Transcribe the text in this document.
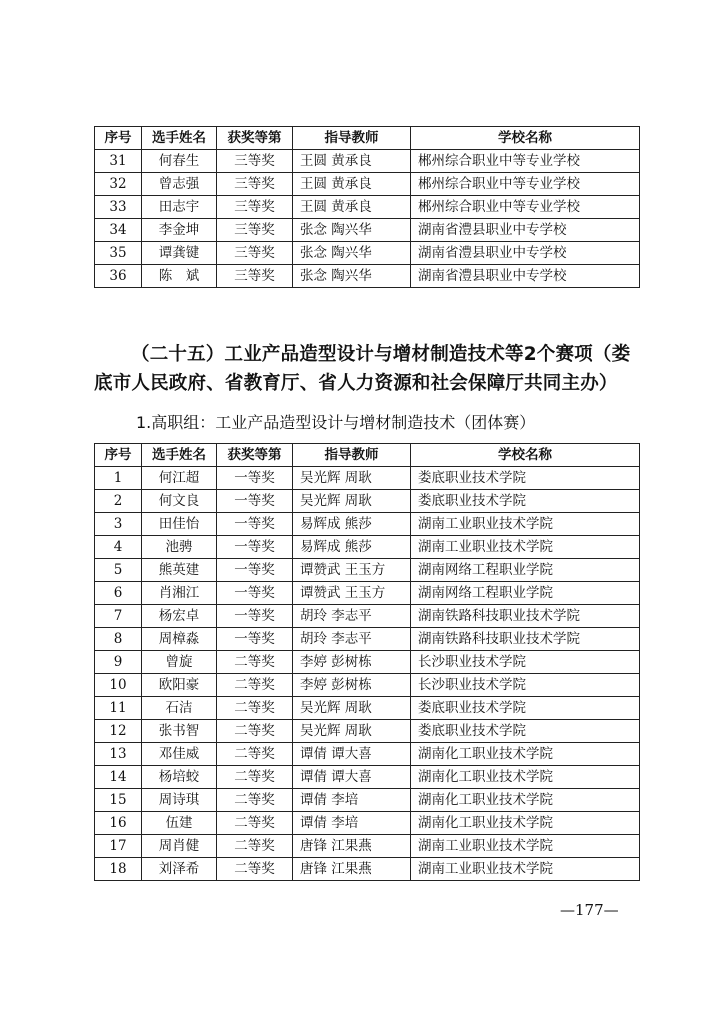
序号	选手姓名	获奖等第	指导教师	学校名称
31	何春生	三等奖	王圆 黄承良	郴州综合职业中等专业学校
32	曾志强	三等奖	王圆 黄承良	郴州综合职业中等专业学校
33	田志宇	三等奖	王圆 黄承良	郴州综合职业中等专业学校
34	李金坤	三等奖	张念 陶兴华	湖南省澧县职业中专学校
35	谭龚键	三等奖	张念 陶兴华	湖南省澧县职业中专学校
36	陈　斌	三等奖	张念 陶兴华	湖南省澧县职业中专学校

（二十五）工业产品造型设计与增材制造技术等2个赛项（娄底市人民政府、省教育厅、省人力资源和社会保障厅共同主办）

1.高职组：工业产品造型设计与增材制造技术（团体赛）

序号	选手姓名	获奖等第	指导教师	学校名称
1	何江超	一等奖	吴光辉 周耿	娄底职业技术学院
2	何文良	一等奖	吴光辉 周耿	娄底职业技术学院
3	田佳怡	一等奖	易辉成 熊莎	湖南工业职业技术学院
4	池骋	一等奖	易辉成 熊莎	湖南工业职业技术学院
5	熊英建	一等奖	谭赞武 王玉方	湖南网络工程职业学院
6	肖湘江	一等奖	谭赞武 王玉方	湖南网络工程职业学院
7	杨宏卓	一等奖	胡玲 李志平	湖南铁路科技职业技术学院
8	周樟淼	一等奖	胡玲 李志平	湖南铁路科技职业技术学院
9	曾旋	二等奖	李婷 彭树栋	长沙职业技术学院
10	欧阳豪	二等奖	李婷 彭树栋	长沙职业技术学院
11	石洁	二等奖	吴光辉 周耿	娄底职业技术学院
12	张书智	二等奖	吴光辉 周耿	娄底职业技术学院
13	邓佳威	二等奖	谭倩 谭大喜	湖南化工职业技术学院
14	杨培蛟	二等奖	谭倩 谭大喜	湖南化工职业技术学院
15	周诗琪	二等奖	谭倩 李培	湖南化工职业技术学院
16	伍建	二等奖	谭倩 李培	湖南化工职业技术学院
17	周肖健	二等奖	唐锋 江果燕	湖南工业职业技术学院
18	刘泽希	二等奖	唐锋 江果燕	湖南工业职业技术学院
—177—
